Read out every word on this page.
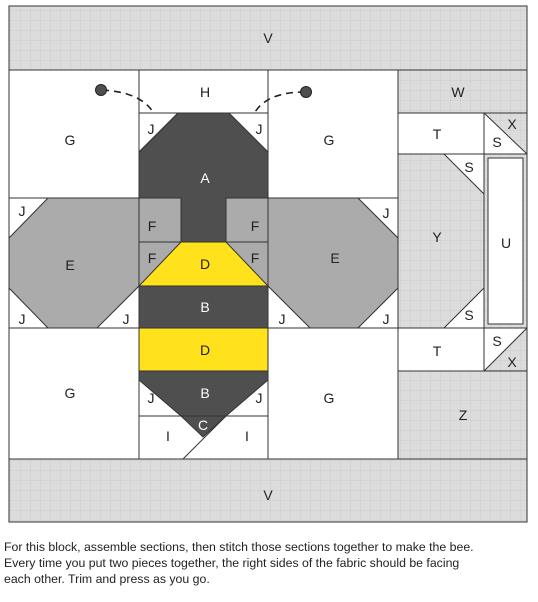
V
H	W
G	G
J	J
A
T	S
X
S
Y	U
S
J
J	J
J
J	J
E	E
F	F
F	F
D
B
D	T
S
X
G	G
B
J	J
C
I	I
Z
V
For this block, assemble sections, then stitch those sections together to make the bee.
Every time you put two pieces together, the right sides of the fabric should be facing
each other. Trim and press as you go.
